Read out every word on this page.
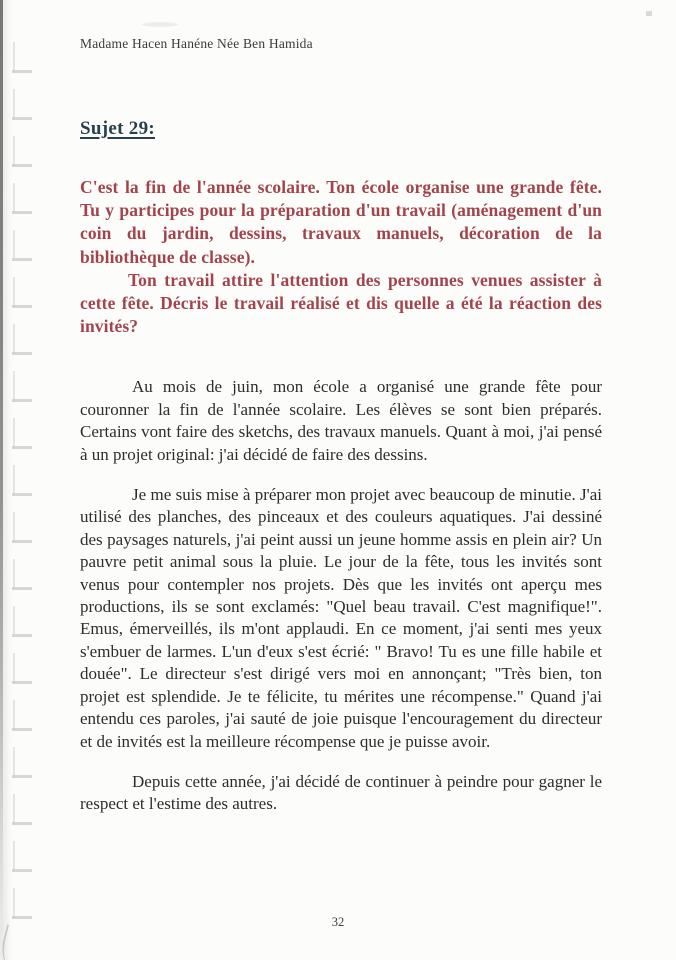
Madame Hacen Hanéne Née Ben Hamida
Sujet 29:

C'est la fin de l'année scolaire. Ton école organise une grande fête. Tu y participes pour la préparation d'un travail (aménagement d'un coin du jardin, dessins, travaux manuels, décoration de la bibliothèque de classe).

Ton travail attire l'attention des personnes venues assister à cette fête. Décris le travail réalisé et dis quelle a été la réaction des invités?

Au mois de juin, mon école a organisé une grande fête pour couronner la fin de l'année scolaire. Les élèves se sont bien préparés. Certains vont faire des sketchs, des travaux manuels. Quant à moi, j'ai pensé à un projet original: j'ai décidé de faire des dessins.

Je me suis mise à préparer mon projet avec beaucoup de minutie. J'ai utilisé des planches, des pinceaux et des couleurs aquatiques. J'ai dessiné des paysages naturels, j'ai peint aussi un jeune homme assis en plein air? Un pauvre petit animal sous la pluie. Le jour de la fête, tous les invités sont venus pour contempler nos projets. Dès que les invités ont aperçu mes productions, ils se sont exclamés: "Quel beau travail. C'est magnifique!". Emus, émerveillés, ils m'ont applaudi. En ce moment, j'ai senti mes yeux s'embuer de larmes. L'un d'eux s'est écrié: " Bravo! Tu es une fille habile et douée". Le directeur s'est dirigé vers moi en annonçant; "Très bien, ton projet est splendide. Je te félicite, tu mérites une récompense." Quand j'ai entendu ces paroles, j'ai sauté de joie puisque l'encouragement du directeur et de invités est la meilleure récompense que je puisse avoir.

Depuis cette année, j'ai décidé de continuer à peindre pour gagner le respect et l'estime des autres.

32
